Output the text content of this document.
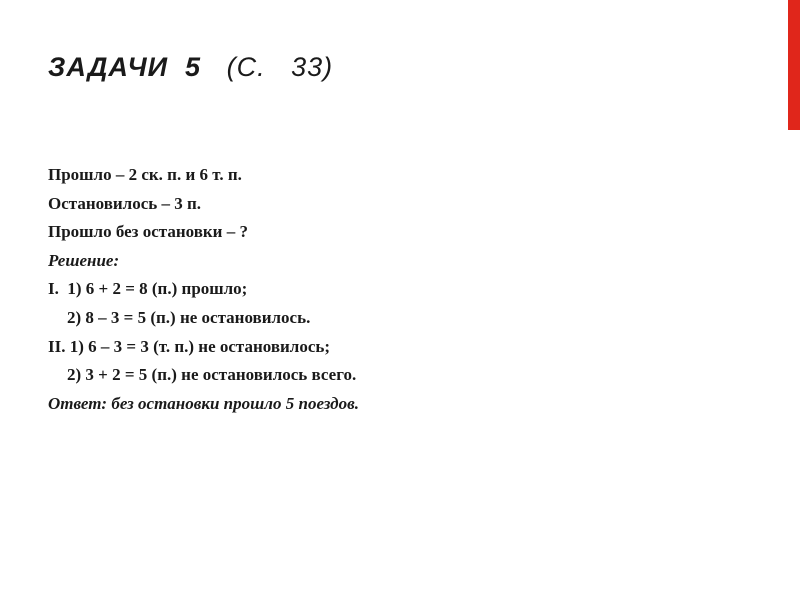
ЗАДАЧИ  5 (С.   33)
Прошло – 2 ск. п. и 6 т. п.
Остановилось – 3 п.
Прошло без остановки – ?
Решение:
I.  1) 6 + 2 = 8 (п.) прошло;
2) 8 – 3 = 5 (п.) не остановилось.
II. 1) 6 – 3 = 3 (т. п.) не остановилось;
2) 3 + 2 = 5 (п.) не остановилось всего.
Ответ: без остановки прошло 5 поездов.
